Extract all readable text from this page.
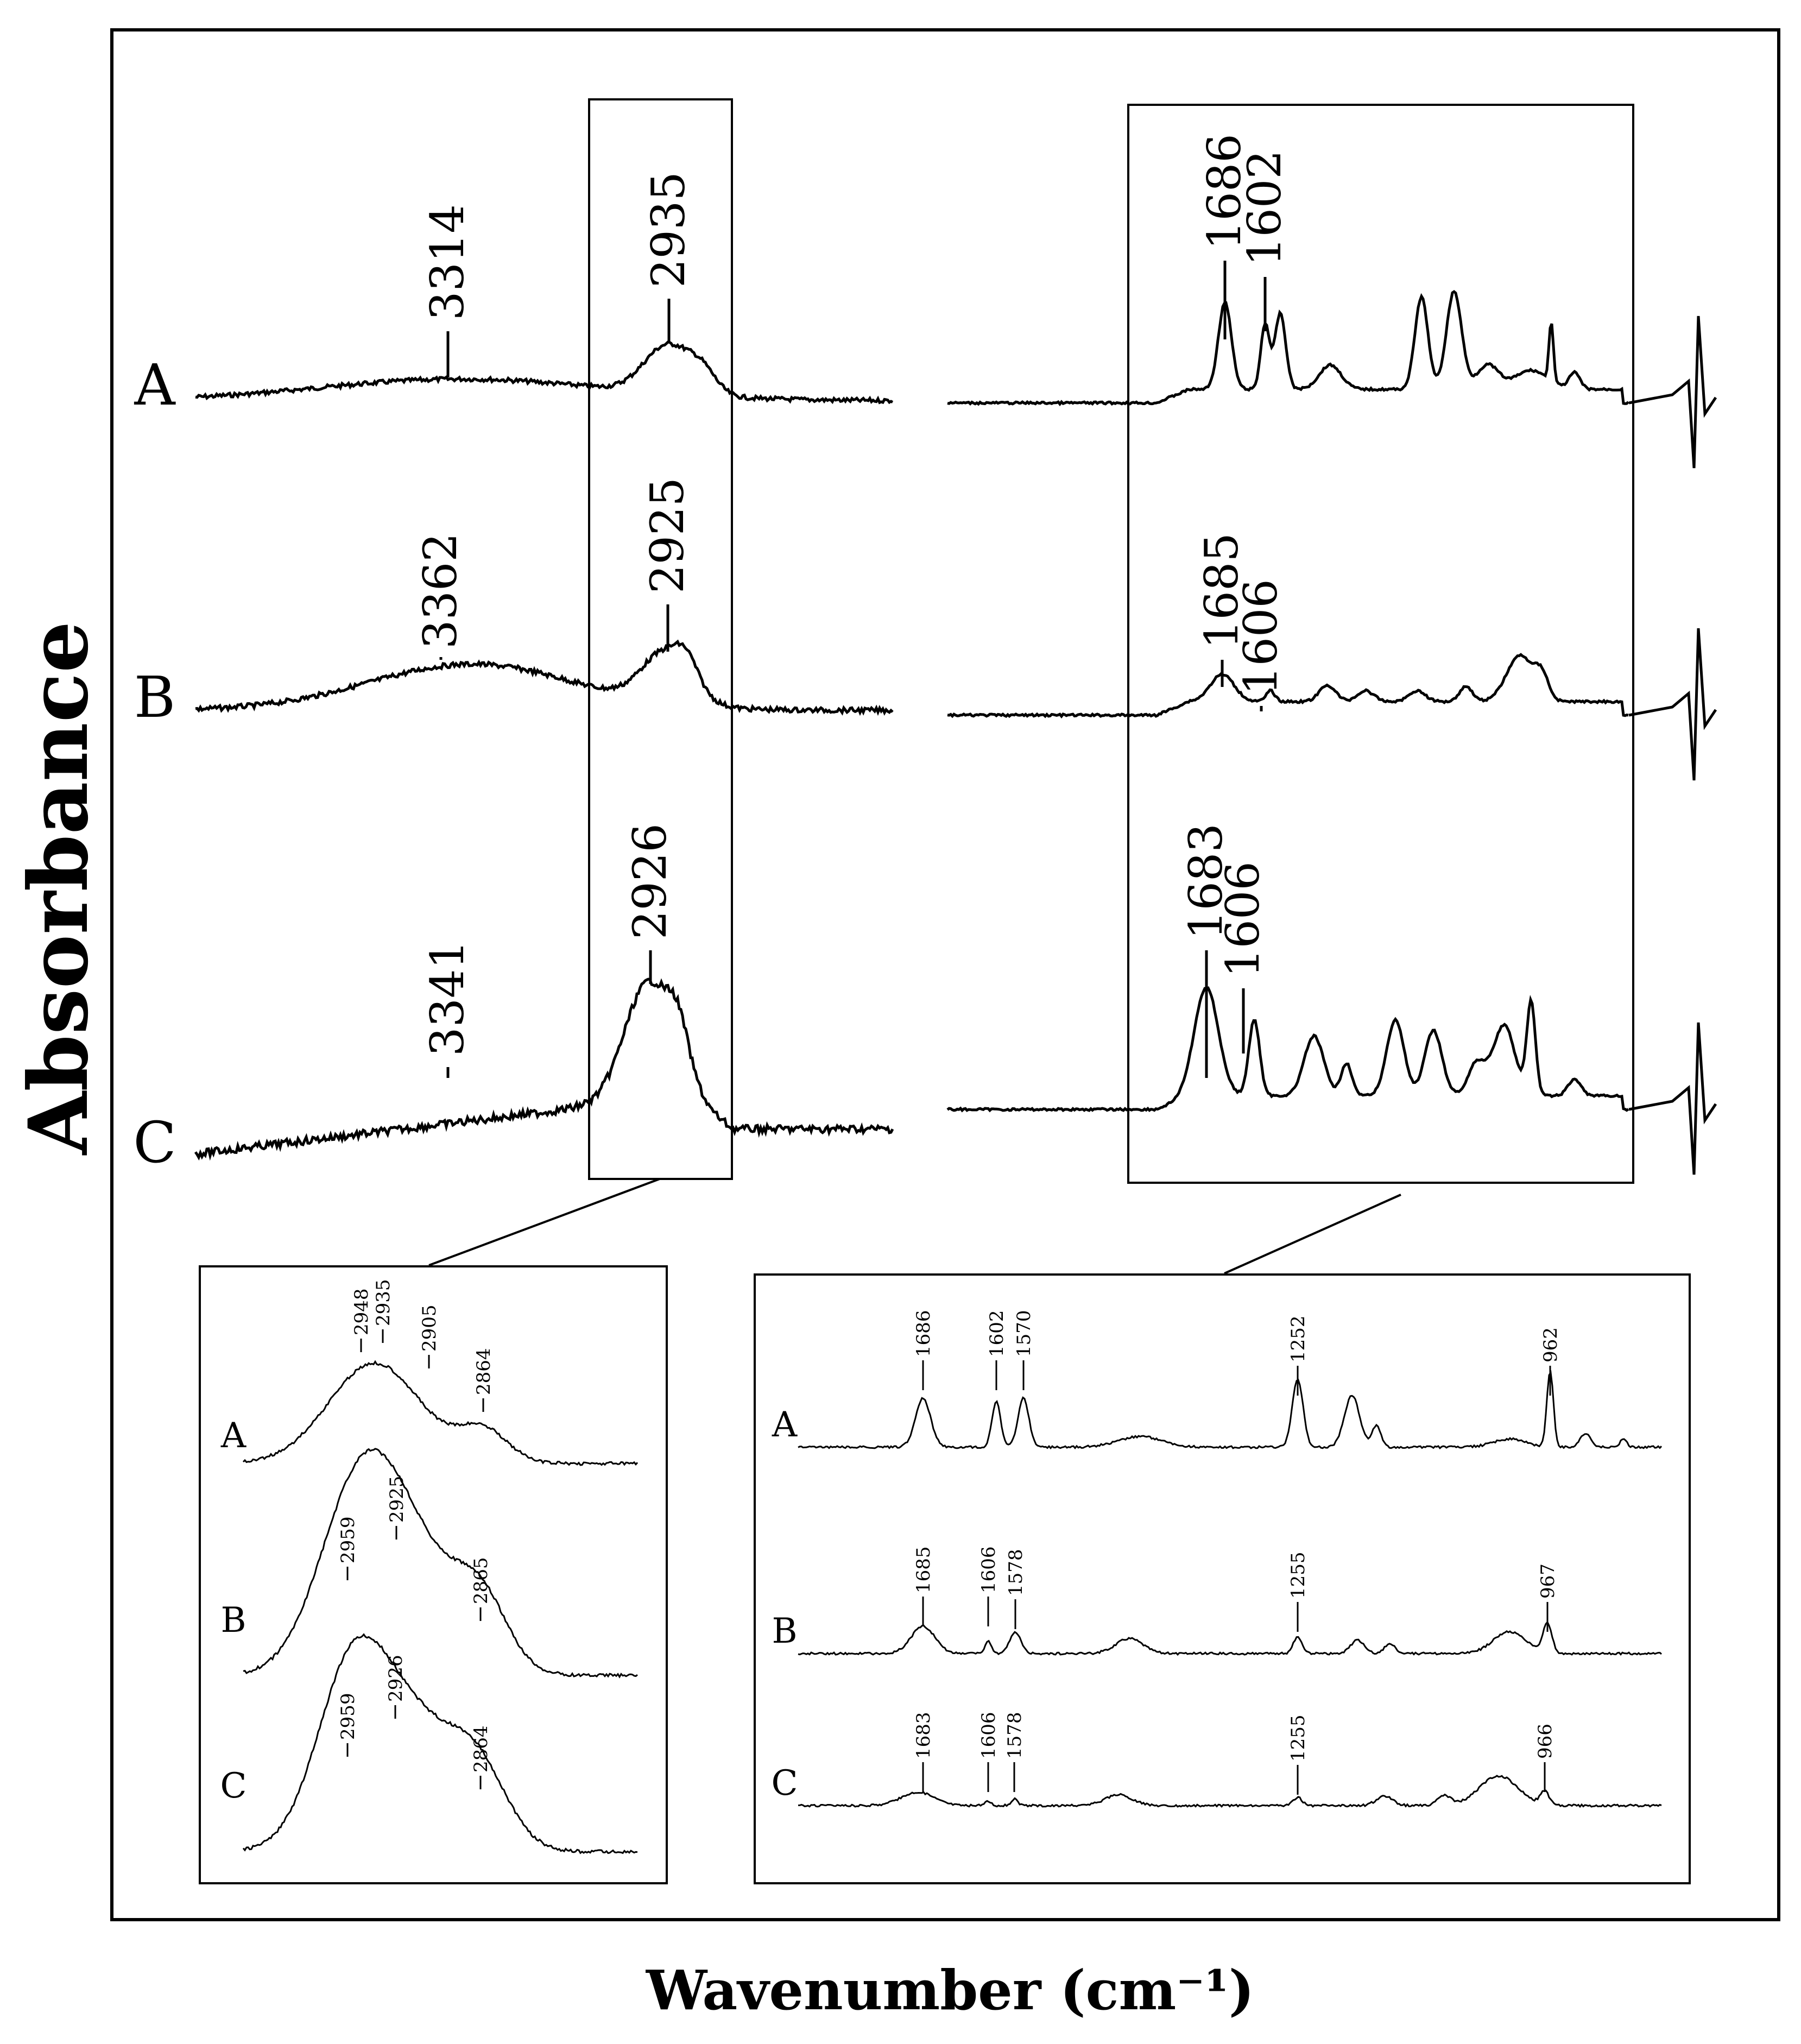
3314	2935	1686
1602
3362	2925	1685
1606
3341
2926	1683
1606
2948 2935
2905
2864
2959
2925
2865
2959
2926
2864
1686	1602 1570	1252	962
1685 1606 1578	1255	967
1683 1606 1578	1255	966
A
B
C
A
B
C
A
B
C
Absorbance
Wavenumber (cm⁻¹)
